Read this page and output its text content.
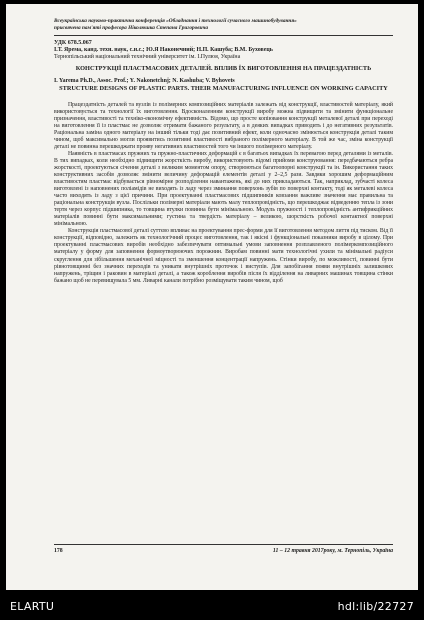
Всеукраїнська науково-практична конференція «Обладнання і технології сучасного машинобудування»

присвячена пам'яті професора Ніколюшка Степана Григоровича

УДК 678.5.067
І.Т. Ярема, канд. техн. наук, с.н.с.; Ю.Я Наконечний; Н.П. Кашуба; В.М. Буховець
Тернопільський національний технічний університет ім. І.Пулюя, Україна
КОНСТРУКЦІЇ ПЛАСТМАСОВИХ ДЕТАЛЕЙ. ВПЛИВ ЇХ ВИГОТОВЛЕННЯ НА ПРАЦЕЗДАТНІСТЬ
I. Yarema Ph.D., Assoc. Prof.; Y. Nakonetchnj; N. Kashuba; V. Byhovets
STRUCTURE DESIGNS OF PLASTIC PARTS. THEIR MANUFACTURING INFLUENCE ON WORKING CAPACITY

Працездатність деталей та вузлів із полімерних композиційних матеріалів залежать від конструкції, властивостей матеріалу, який використовується та технології їх виготовлення. Вдосконаленням конструкції виробу можна підвищити та змінити функціональне призначення, властивості та техніко-економічну ефективність. Відомо, що просте копіювання конструкції металевої деталі при переході на виготовлення її із пластмас не дозволяє отримати бажаного результату, а в деяких випадках приводить і до негативних результатів. Раціональна заміна одного матеріалу на інший тільки тоді дає позитивний ефект, коли одночасно змінюється конструкція деталі таким чином, щоб максимально могли проявитись позитивні властивості вибраного полімерного матеріалу. В той же час, зміна конструкції деталі не повинна перешкоджати прояву негативних властивостей того чи іншого полімерного матеріалу.

Наявність в пластмасах пружних та пружно-пластичних деформацій є в багатьох випадках їх перевагою перед деталями із металів. В тих випадках, коли необхідно підвищити жорсткість виробу, використовують відомі прийоми конструювання: передбачаються ребра жорсткості, проектуються січення деталі з великим моментом опору, створюються багатоопорні конструкції та ін. Використання таких конструктивних засобів дозволяє змінити величину деформацій елементів деталі у 2–2,5 рази. Завдяки хорошим деформаційним властивостям пластмас відбувається рівномірне розподілення навантажень, які до них прикладаються. Так, наприклад, зубчасті колеса виготовлені із наповнених поліамідів не виходять із ладу через зминання поверхонь зубів по поверхні контакту, тоді як металеві колеса часто виходять із ладу з цієї причини. При проектуванні пластмасових підшипників ковзання важливе значення має правильна та раціональна конструкція вузла. Послільки полімерні матеріали мають малу теплопровідність, що перешкоджає відведенню тепла із зони тертя через корпус підшипника, то товщина втулки повинна бути мінімальною. Модуль пружності і теплопровідність антифрикційних матеріалів повинні бути максимальними; густина та твердість матеріалу – великою, шорсткість робочої контактної поверхні мінімальною.

Конструкція пластмасової деталі суттєво впливає на проектування прес-форми для її виготовлення методом лиття під тиском. Від її конструкції, відповідно, залежить як технологічний процес виготовлення, так і якісні і функціональні показники виробу в цілому. При проектуванні пластмасових виробів необхідно забезпечувати оптимальні умови заповнення розплавленого полімеркомпозиційного матеріалу у форму для заповнення формоутворюючих порожнин. Виробам повинні мати технологічні ухили та мінімальні радіуси скруглення для зібільшення механічної міцності та зменшення концентрації напружень. Стінки виробу, по можливості, повинні бути рівнотовщинні без значних переходів та уникати внутрішніх проточок і виступів. Для запобігання появи внутрішніх залишкових напружень, тріщин і раковин в матеріалі деталі, а також короблення виробів після їх відділення на ливарних машинах товщина стінки бажано щоб не перевищувала 5 мм. Ливарні канали потрібно розміщувати таким чином, щоб

178	11 – 12 травня 2017року, м. Тернопіль, Україна
ELARTU	hdl:lib/22727
